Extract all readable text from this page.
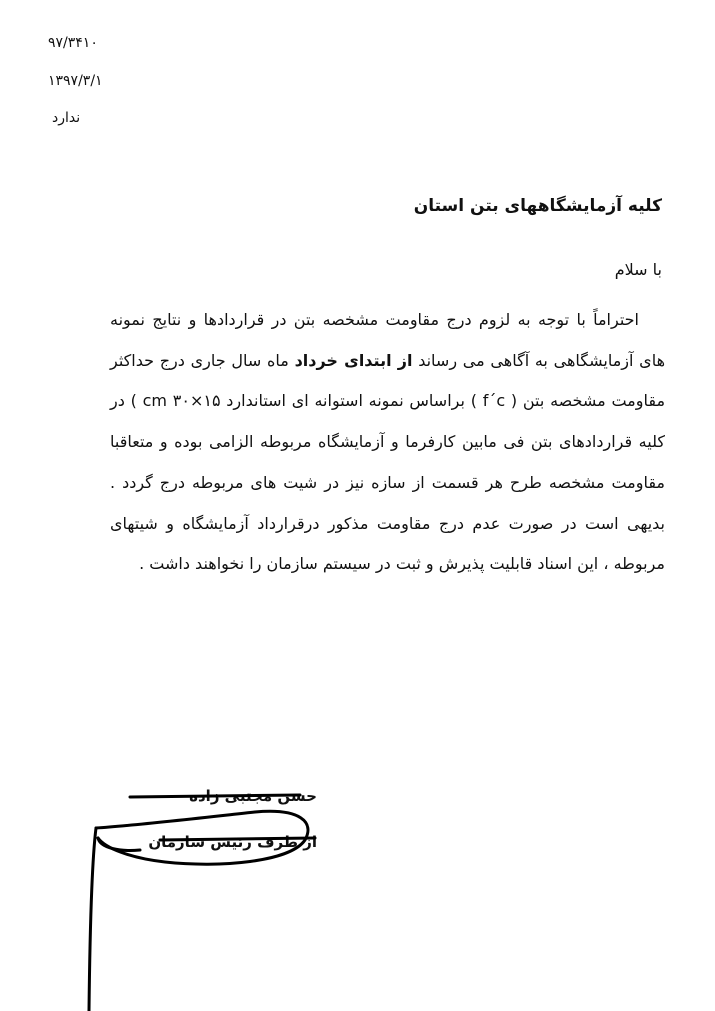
۹۷/۳۴۱۰
۱۳۹۷/۳/۱
ندارد
کلیه آزمایشگاههای بتن استان
با سلام

احتراماً با توجه به لزوم درج مقاومت مشخصه بتن در قراردادها و نتایج نمونه های آزمایشگاهی به آگاهی می رساند از ابتدای خرداد ماه سال جاری درج حداکثر مقاومت مشخصه بتن ( f´c ) براساس نمونه استوانه ای استاندارد ۱۵×۳۰ cm ) در کلیه قراردادهای بتن فی مابین کارفرما و آزمایشگاه مربوطه الزامی بوده و متعاقبا مقاومت مشخصه طرح هر قسمت از سازه نیز در شیت های مربوطه درج گردد . بدیهی است در صورت عدم درج مقاومت مذکور درقرارداد آزمایشگاه و شیتهای مربوطه ، این اسناد قابلیت پذیرش و ثبت در سیستم سازمان را نخواهند داشت .

حسن مجتبی زاده
از طرف رئیس سازمان
